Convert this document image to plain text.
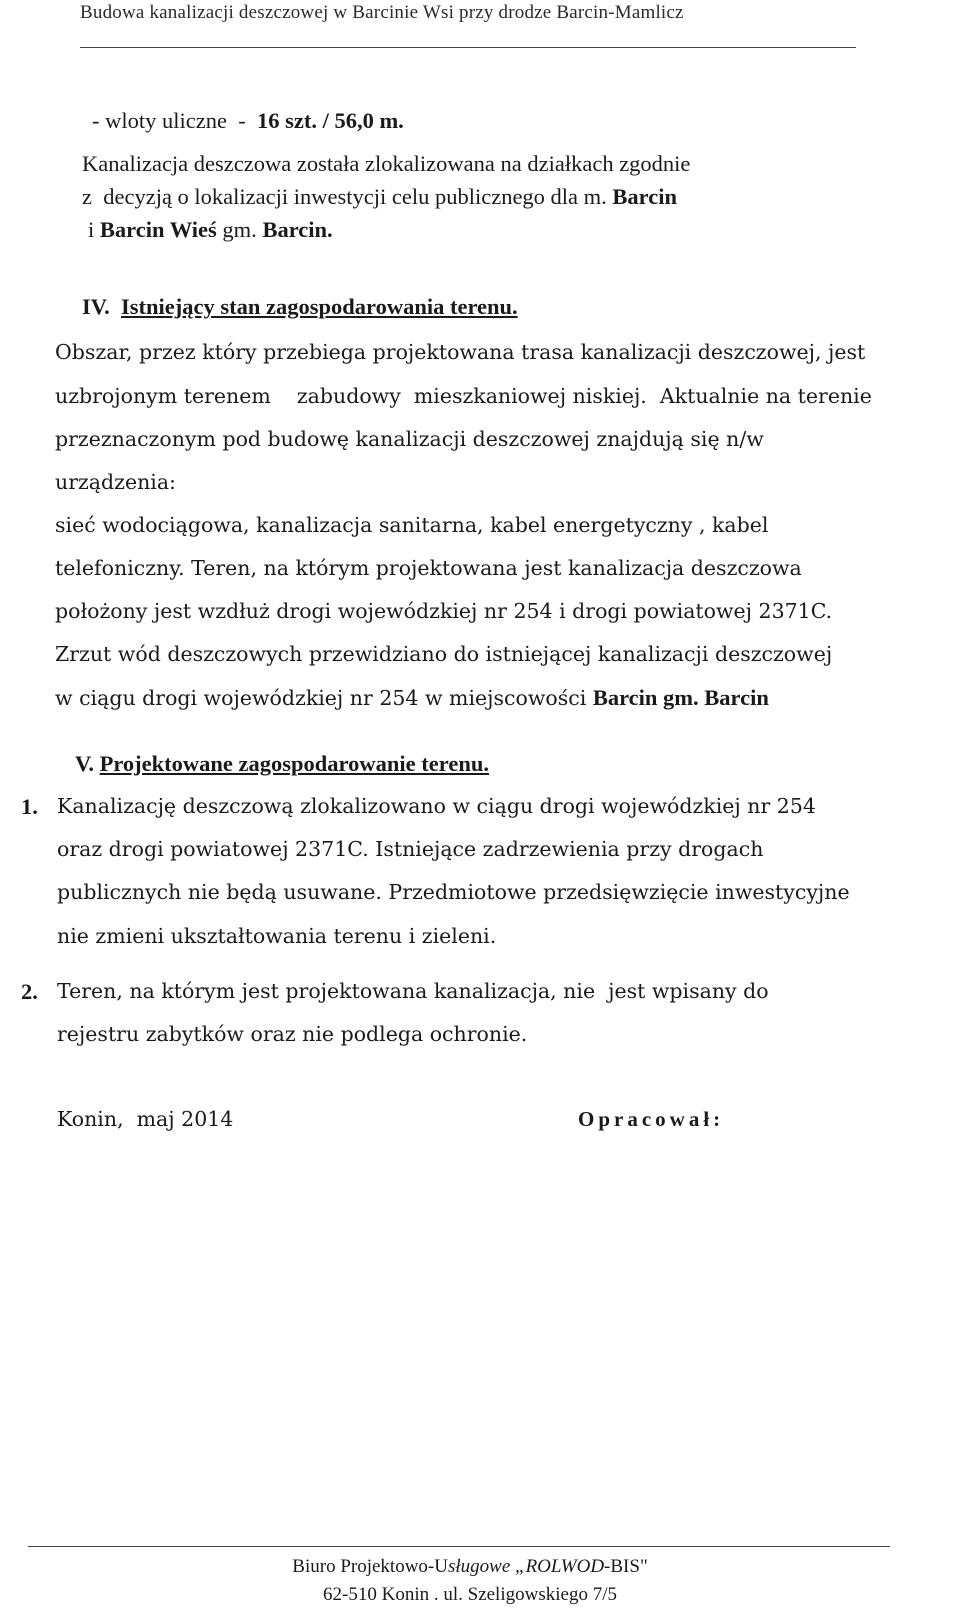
Budowa kanalizacji deszczowej w Barcinie Wsi przy drodze Barcin-Mamlicz
- wloty uliczne  -  16 szt. / 56,0 m.
Kanalizacja deszczowa została zlokalizowana na działkach zgodnie
z  decyzją o lokalizacji inwestycji celu publicznego dla m. Barcin
i Barcin Wieś gm. Barcin.
IV. Istniejący stan zagospodarowania terenu.
Obszar, przez który przebiega projektowana trasa kanalizacji deszczowej, jest
uzbrojonym terenem    zabudowy  mieszkaniowej niskiej.  Aktualnie na terenie
przeznaczonym pod budowę kanalizacji deszczowej znajdują się n/w
urządzenia:
sieć wodociągowa, kanalizacja sanitarna, kabel energetyczny , kabel
telefoniczny. Teren, na którym projektowana jest kanalizacja deszczowa
położony jest wzdłuż drogi wojewódzkiej nr 254 i drogi powiatowej 2371C.
Zrzut wód deszczowych przewidziano do istniejącej kanalizacji deszczowej
w ciągu drogi wojewódzkiej nr 254 w miejscowości Barcin gm. Barcin
V. Projektowane zagospodarowanie terenu.
1. Kanalizację deszczową zlokalizowano w ciągu drogi wojewódzkiej nr 254
oraz drogi powiatowej 2371C. Istniejące zadrzewienia przy drogach
publicznych nie będą usuwane. Przedmiotowe przedsięwzięcie inwestycyjne
nie zmieni ukształtowania terenu i zieleni.
2. Teren, na którym jest projektowana kanalizacja, nie  jest wpisany do
rejestru zabytków oraz nie podlega ochronie.
Konin,  maj 2014	Opracował:
Biuro Projektowo-Usługowe „ROLWOD-BIS"
62-510 Konin . ul. Szeligowskiego 7/5
